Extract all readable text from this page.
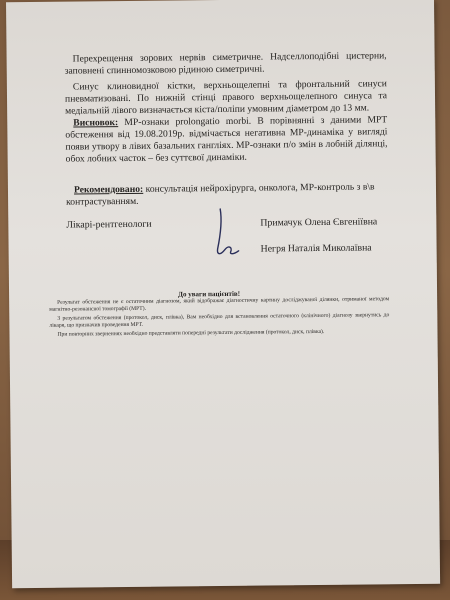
Перехрещення зорових нервів симетричне. Надселлоподібні цистерни, заповнені спинномозковою рідиною симетричні.
Синус клиновидної кістки, верхньощелепні та фронтальний синуси пневматизовані. По нижній стінці правого верхньощелепного синуса та медіальній лівого визначається кіста/поліпи умовним діаметром до 13 мм.
Висновок: МР-ознаки prolongatio morbi. В порівнянні з даними МРТ обстеження від 19.08.2019р. відмічається негативна МР-динаміка у вигляді появи утвору в лівих базальних гангліях. МР-ознаки п/о змін в лобній ділянці, обох лобних часток – без суттєвої динаміки.
Рекомендовано: консультація нейрохірурга, онколога, МР-контроль з в\в контрастуванням.
Лікарі-рентгенологи	Примачук Олена Євгеніївна
Негря Наталія Миколаївна
До уваги пацієнтів!
Результат обстеження не є остаточним діагнозом, який відображає діагностичну картину досліджуваної ділянки, отриманої методом магнітно-резонансної томографії (МРТ).
З результатом обстеження (протокол, диск, плівка), Вам необхідно для встановлення остаточного (клінічного) діагнозу звернутись до лікаря, що призначив проведення МРТ.
При повторних зверненнях необхідно представляти попередні результати дослідження (протокол, диск, плівка).
